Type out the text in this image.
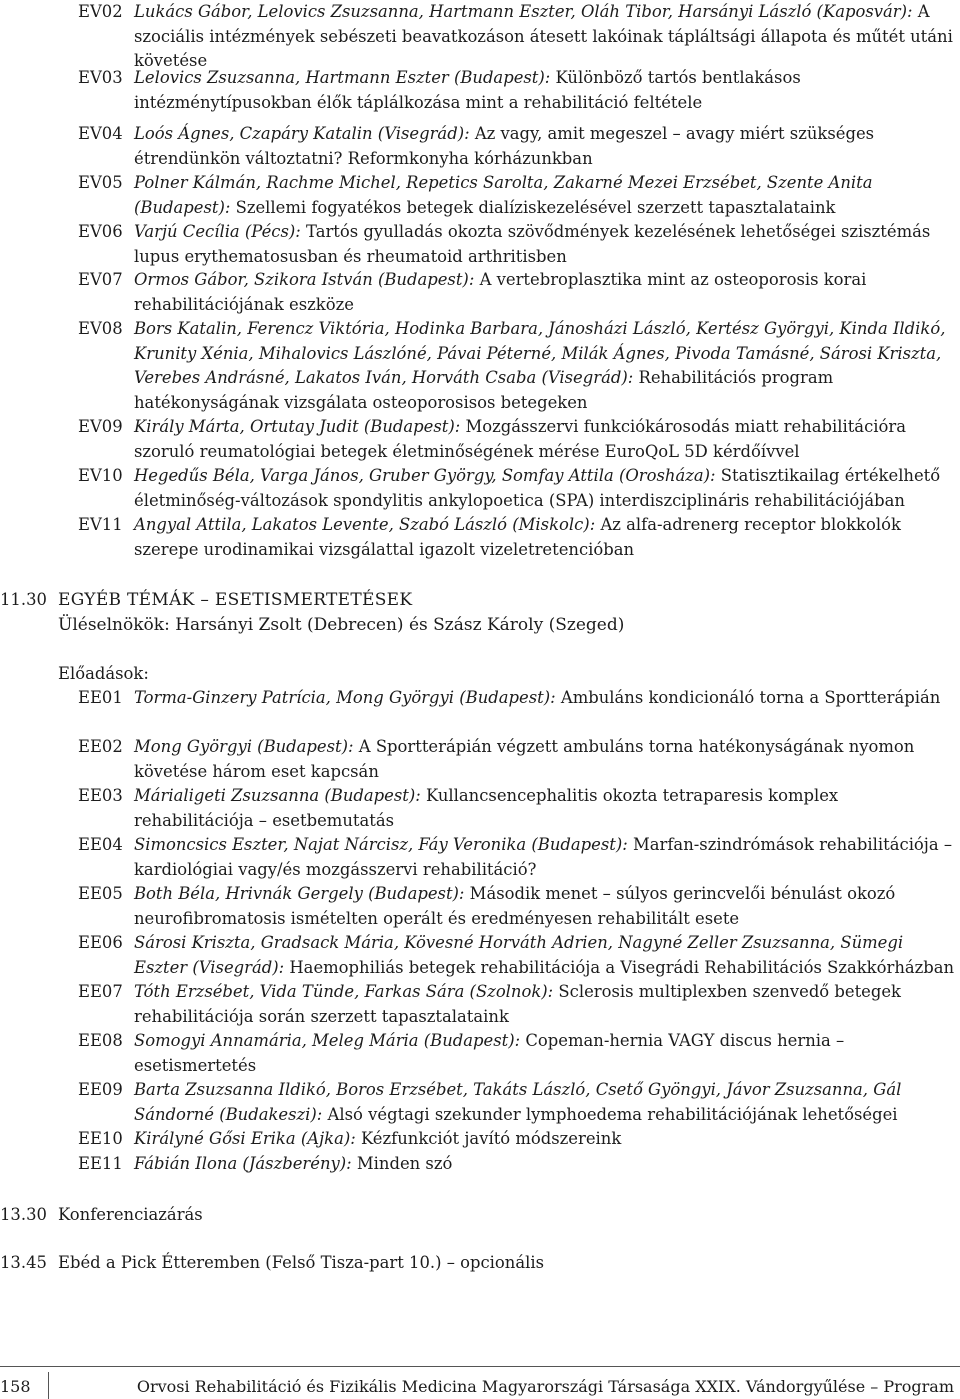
EV02 Lukács Gábor, Lelovics Zsuzsanna, Hartmann Eszter, Oláh Tibor, Harsányi László (Kaposvár): A szociális intézmények sebészeti beavatkozáson átesett lakóinak tápláltsági állapota és műtét utáni követése
EV03 Lelovics Zsuzsanna, Hartmann Eszter (Budapest): Különböző tartós bentlakásos intézménytípusokban élők táplálkozása mint a rehabilitáció feltétele
EV04 Loós Ágnes, Czapáry Katalin (Visegrád): Az vagy, amit megeszel – avagy miért szükséges étrendünkön változtatni? Reformkonyha kórházunkban
EV05 Polner Kálmán, Rachme Michel, Repetics Sarolta, Zakarné Mezei Erzsébet, Szente Anita (Budapest): Szellemi fogyatékos betegek dialíziskezelésével szerzett tapasztalataink
EV06 Varjú Cecília (Pécs): Tartós gyulladás okozta szövődmények kezelésének lehetőségei szisztémás lupus erythematosusban és rheumatoid arthritisben
EV07 Ormos Gábor, Szikora István (Budapest): A vertebroplasztika mint az osteoporosis korai rehabilitációjának eszköze
EV08 Bors Katalin, Ferencz Viktória, Hodinka Barbara, Jánosházi László, Kertész Györgyi, Kinda Ildikó, Krunity Xénia, Mihalovics Lászlóné, Pávai Péterné, Milák Ágnes, Pivoda Tamásné, Sárosi Kriszta, Verebes Andrásné, Lakatos Iván, Horváth Csaba (Visegrád): Rehabilitációs program hatékonyságának vizsgálata osteoporosisos betegeken
EV09 Király Márta, Ortutay Judit (Budapest): Mozgásszervi funkciókárosodás miatt rehabilitációra szoruló reumatológiai betegek életminőségének mérése EuroQoL 5D kérdőívvel
EV10 Hegedűs Béla, Varga János, Gruber György, Somfay Attila (Orosháza): Statisztikailag értékelhető életminőség-változások spondylitis ankylopoetica (SPA) interdiszciplináris rehabilitációjában
EV11 Angyal Attila, Lakatos Levente, Szabó László (Miskolc): Az alfa-adrenerg receptor blokkolók szerepe urodinamikai vizsgálattal igazolt vizeletretencióban
11.30 EGYÉB TÉMÁK – ESETISMERTETÉSEK
Üléselnökök: Harsányi Zsolt (Debrecen) és Szász Károly (Szeged)
Előadások:
EE01 Torma-Ginzery Patrícia, Mong Györgyi (Budapest): Ambuláns kondicionáló torna a Sportterápián
EE02 Mong Györgyi (Budapest): A Sportterápián végzett ambuláns torna hatékonyságának nyomon követése három eset kapcsán
EE03 Márialigeti Zsuzsanna (Budapest): Kullancsencephalitis okozta tetraparesis komplex rehabilitációja – esetbemutatás
EE04 Simoncsics Eszter, Najat Nárcisz, Fáy Veronika (Budapest): Marfan-szindrómások rehabilitációja – kardiológiai vagy/és mozgásszervi rehabilitáció?
EE05 Both Béla, Hrivnák Gergely (Budapest): Második menet – súlyos gerincvelői bénulást okozó neurofibromatosis ismételten operált és eredményesen rehabilitált esete
EE06 Sárosi Kriszta, Gradsack Mária, Kövesné Horváth Adrien, Nagyné Zeller Zsuzsanna, Sümegi Eszter (Visegrád): Haemophiliás betegek rehabilitációja a Visegrádi Rehabilitációs Szakkórházban
EE07 Tóth Erzsébet, Vida Tünde, Farkas Sára (Szolnok): Sclerosis multiplexben szenvedő betegek rehabilitációja során szerzett tapasztalataink
EE08 Somogyi Annamária, Meleg Mária (Budapest): Copeman-hernia VAGY discus hernia – esetismertetés
EE09 Barta Zsuzsanna Ildikó, Boros Erzsébet, Takáts László, Csető Gyöngyi, Jávor Zsuzsanna, Gál Sándorné (Budakeszi): Alsó végtagi szekunder lymphoedema rehabilitációjának lehetőségei
EE10 Királyné Gősi Erika (Ajka): Kézfunkciót javító módszereink
EE11 Fábián Ilona (Jászberény): Minden szó
13.30 Konferenciazárás
13.45 Ebéd a Pick Étteremben (Felső Tisza-part 10.) – opcionális
158	Orvosi Rehabilitáció és Fizikális Medicina Magyarországi Társasága XXIX. Vándorgyűlése – Program
